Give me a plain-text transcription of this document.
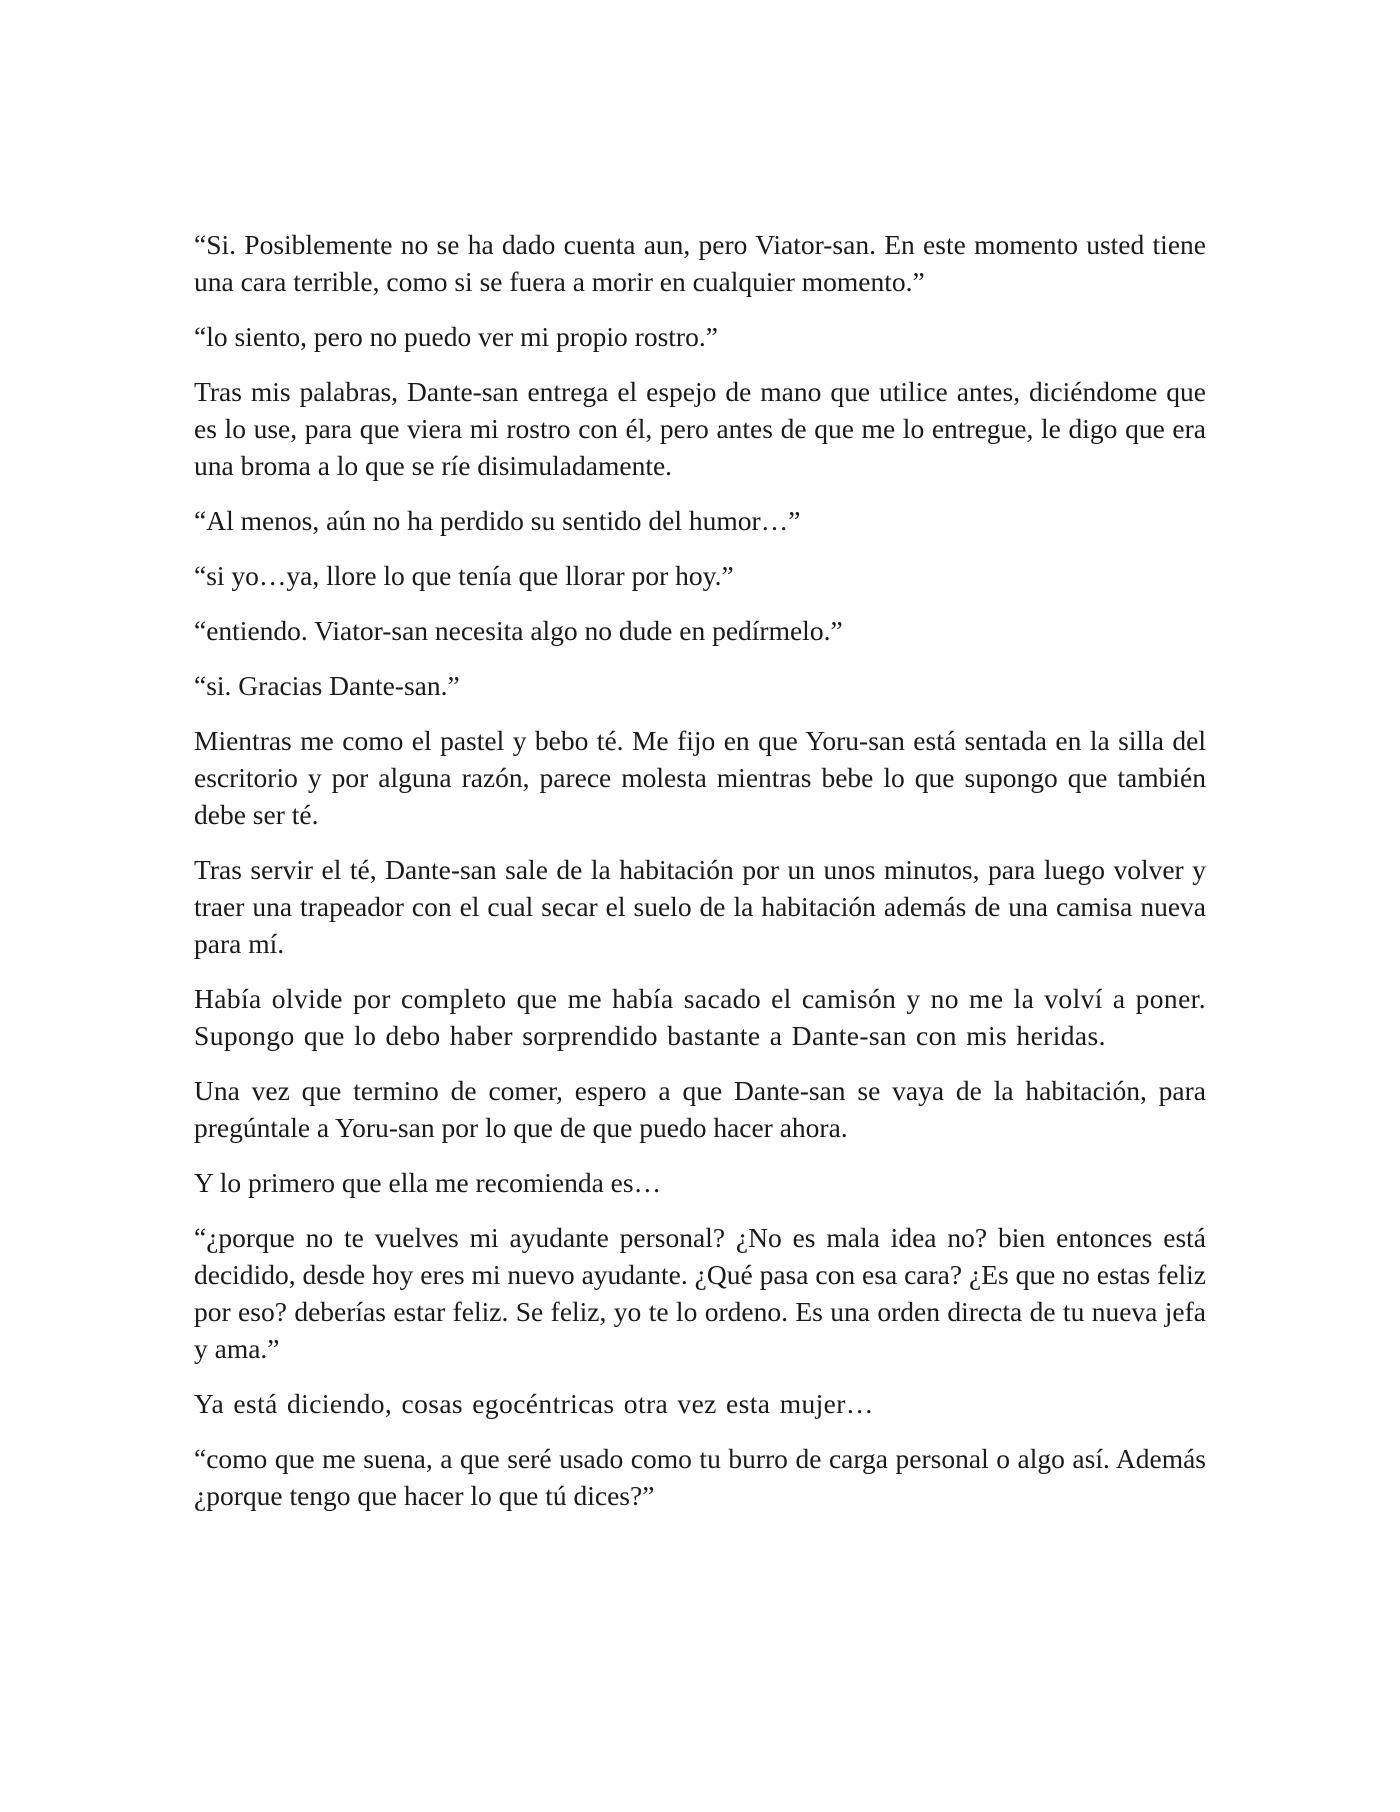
“Si. Posiblemente no se ha dado cuenta aun, pero Viator-san. En este momento usted tiene una cara terrible, como si se fuera a morir en cualquier momento.”

“lo siento, pero no puedo ver mi propio rostro.”

Tras mis palabras, Dante-san entrega el espejo de mano que utilice antes, diciéndome que es lo use, para que viera mi rostro con él, pero antes de que me lo entregue, le digo que era una broma a lo que se ríe disimuladamente.

“Al menos, aún no ha perdido su sentido del humor…”

“si yo…ya, llore lo que tenía que llorar por hoy.”

“entiendo. Viator-san necesita algo no dude en pedírmelo.”

“si. Gracias Dante-san.”

Mientras me como el pastel y bebo té. Me fijo en que Yoru-san está sentada en la silla del escritorio y por alguna razón, parece molesta mientras bebe lo que supongo que también debe ser té.

Tras servir el té, Dante-san sale de la habitación por un unos minutos, para luego volver y traer una trapeador con el cual secar el suelo de la habitación además de una camisa nueva para mí.

Había olvide por completo que me había sacado el camisón y no me la volví a poner. Supongo que lo debo haber sorprendido bastante a Dante-san con mis heridas.

Una vez que termino de comer, espero a que Dante-san se vaya de la habitación, para pregúntale a Yoru-san por lo que de que puedo hacer ahora.

Y lo primero que ella me recomienda es…

“¿porque no te vuelves mi ayudante personal? ¿No es mala idea no? bien entonces está decidido, desde hoy eres mi nuevo ayudante. ¿Qué pasa con esa cara? ¿Es que no estas feliz por eso? deberías estar feliz. Se feliz, yo te lo ordeno. Es una orden directa de tu nueva jefa y ama.”

Ya está diciendo, cosas egocéntricas otra vez esta mujer…

“como que me suena, a que seré usado como tu burro de carga personal o algo así. Además ¿porque tengo que hacer lo que tú dices?”
